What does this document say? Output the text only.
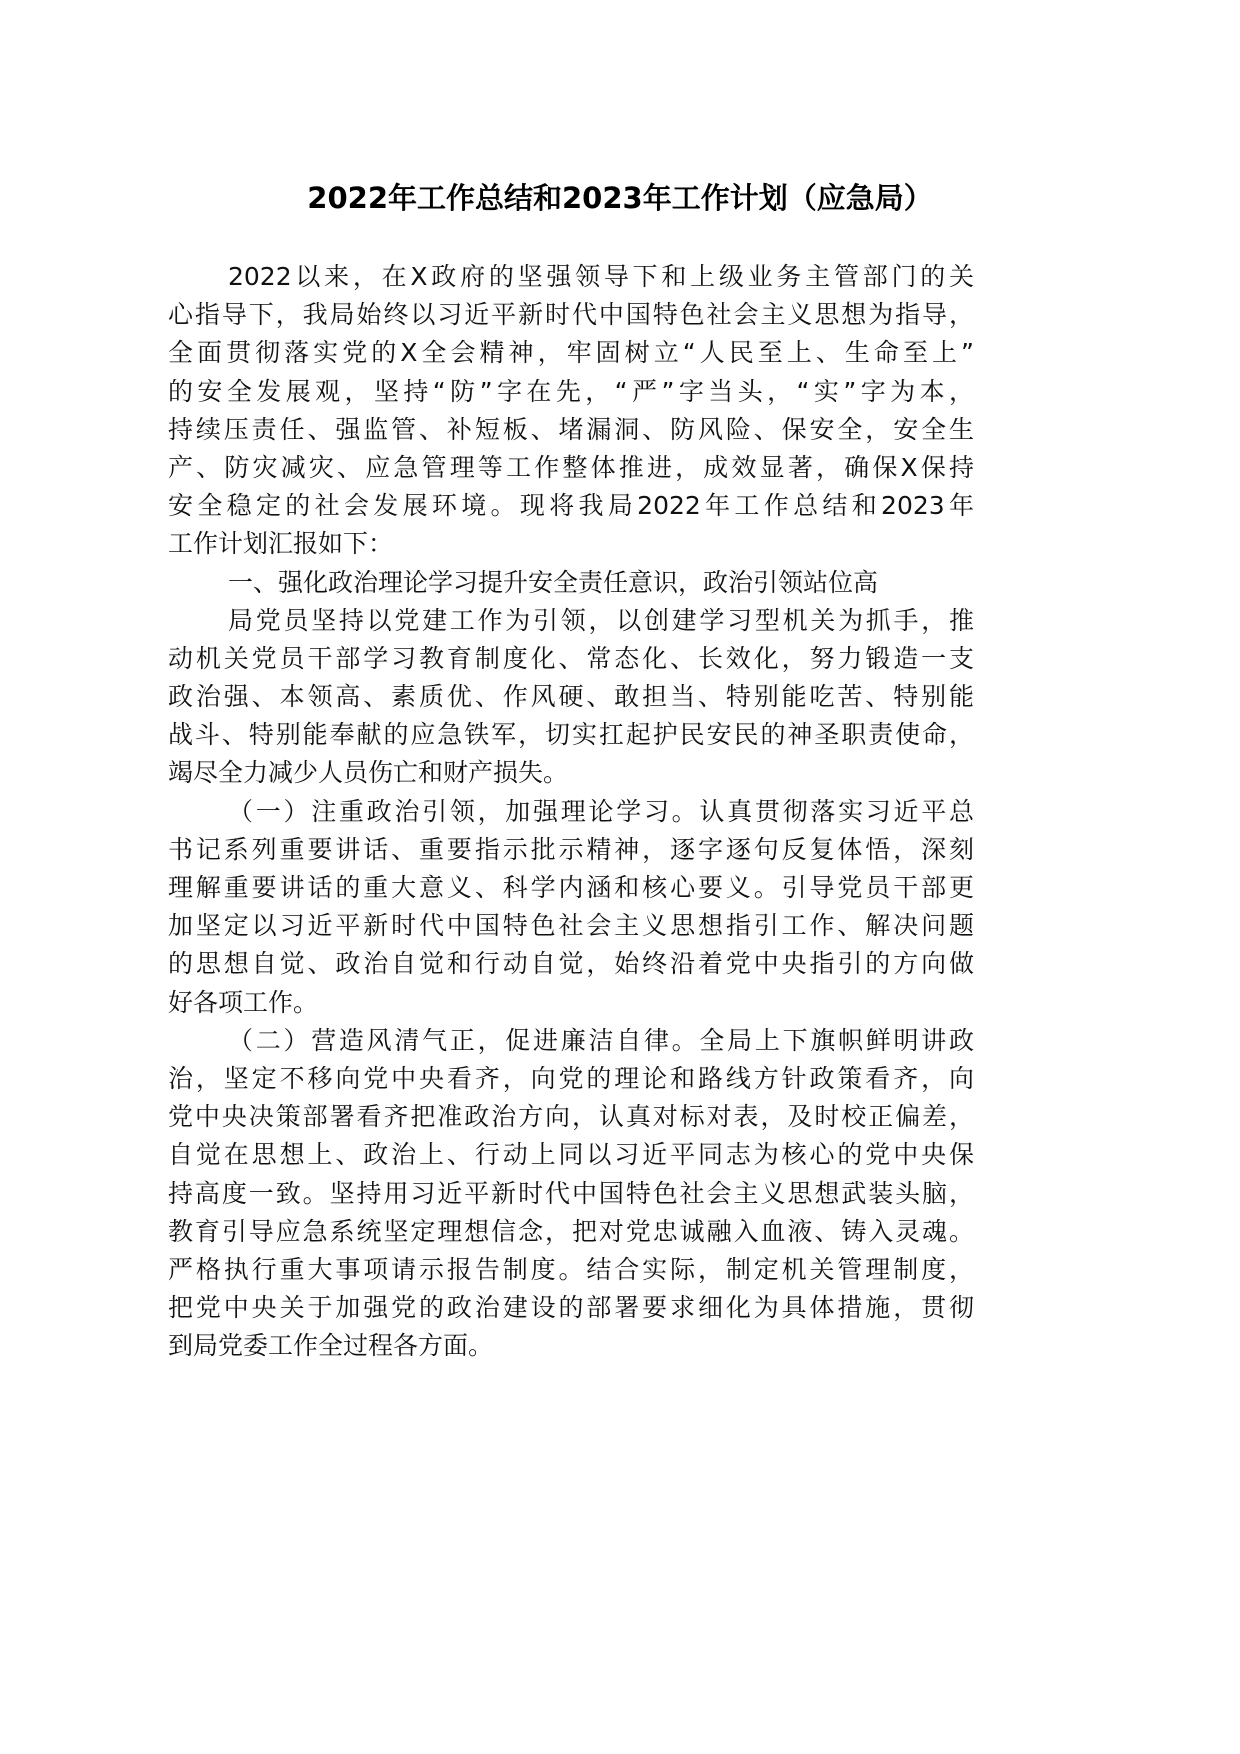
2022年工作总结和2023年工作计划（应急局）
2022以来，在X政府的坚强领导下和上级业务主管部门的关
心指导下，我局始终以习近平新时代中国特色社会主义思想为指导，
全面贯彻落实党的X全会精神，牢固树立“人民至上、生命至上”
的安全发展观，坚持“防”字在先，“严”字当头，“实”字为本，
持续压责任、强监管、补短板、堵漏洞、防风险、保安全，安全生
产、防灾减灾、应急管理等工作整体推进，成效显著，确保X保持
安全稳定的社会发展环境。现将我局2022年工作总结和2023年
工作计划汇报如下：
一、强化政治理论学习提升安全责任意识，政治引领站位高
局党员坚持以党建工作为引领，以创建学习型机关为抓手，推
动机关党员干部学习教育制度化、常态化、长效化，努力锻造一支
政治强、本领高、素质优、作风硬、敢担当、特别能吃苦、特别能
战斗、特别能奉献的应急铁军，切实扛起护民安民的神圣职责使命，
竭尽全力减少人员伤亡和财产损失。
（一）注重政治引领，加强理论学习。认真贯彻落实习近平总
书记系列重要讲话、重要指示批示精神，逐字逐句反复体悟，深刻
理解重要讲话的重大意义、科学内涵和核心要义。引导党员干部更
加坚定以习近平新时代中国特色社会主义思想指引工作、解决问题
的思想自觉、政治自觉和行动自觉，始终沿着党中央指引的方向做
好各项工作。
（二）营造风清气正，促进廉洁自律。全局上下旗帜鲜明讲政
治，坚定不移向党中央看齐，向党的理论和路线方针政策看齐，向
党中央决策部署看齐把准政治方向，认真对标对表，及时校正偏差，
自觉在思想上、政治上、行动上同以习近平同志为核心的党中央保
持高度一致。坚持用习近平新时代中国特色社会主义思想武装头脑，
教育引导应急系统坚定理想信念，把对党忠诚融入血液、铸入灵魂。
严格执行重大事项请示报告制度。结合实际，制定机关管理制度，
把党中央关于加强党的政治建设的部署要求细化为具体措施，贯彻
到局党委工作全过程各方面。
